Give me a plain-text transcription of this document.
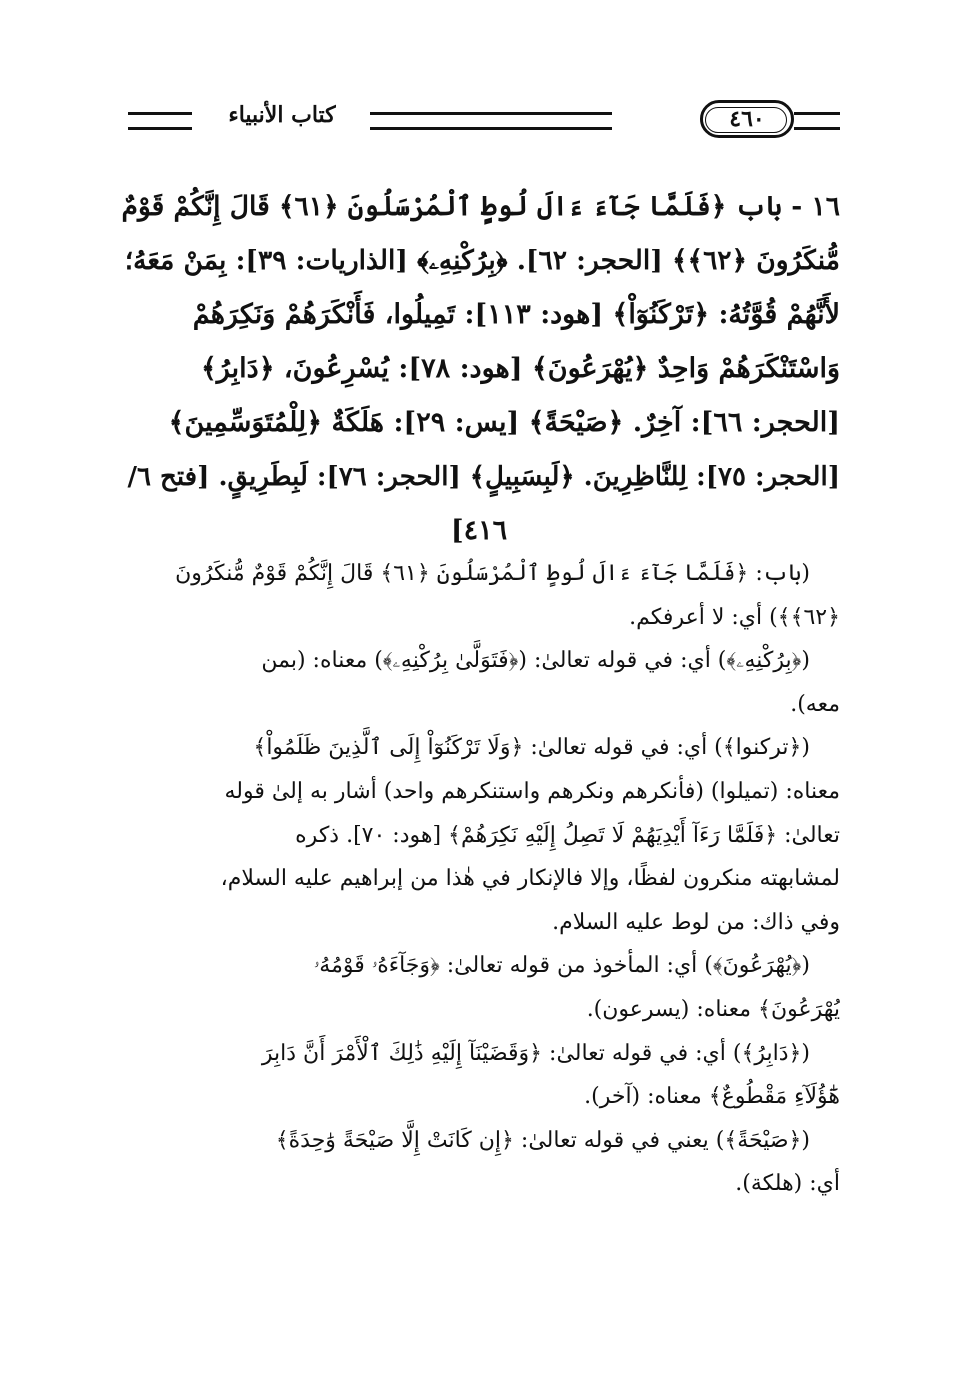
٤٦٠
كتاب الأنبياء
١٦ - باب ﴿فَلَمَّا جَآءَ ءَالَ لُوطٍ ٱلْمُرْسَلُونَ ﴿٦١﴾ قَالَ إِنَّكُمْ قَوْمٌ
مُّنكَرُونَ ﴿٦٢﴾﴾ [الحجر: ٦٢]. ﴿بِرُكْنِهِۦ﴾ [الذاريات: ٣٩]: بِمَنْ مَعَهُ؛
لأَنَّهُمْ قُوَّتُهُ: ﴿تَرْكَنُوٓاْ﴾ [هود: ١١٣]: تَمِيلُوا، فَأَنْكَرَهُمْ وَنَكِرَهُمْ
وَاسْتَنْكَرَهُمْ وَاحِدٌ ﴿يُهْرَعُونَ﴾ [هود: ٧٨]: يُسْرِعُونَ، ﴿دَابِرُ﴾
[الحجر: ٦٦]: آخِرٌ. ﴿صَيْحَةً﴾ [يس: ٢٩]: هَلَكَةٌ ﴿لِلْمُتَوَسِّمِينَ﴾
[الحجر: ٧٥]: لِلنَّاظِرِينَ. ﴿لَبِسَبِيلٍ﴾ [الحجر: ٧٦]: لَبِطَرِيقٍ. [فتح ٦/
٤١٦]
(باب: ﴿فَلَمَّا جَآءَ ءَالَ لُوطٍ ٱلْمُرْسَلُونَ ﴿٦١﴾ قَالَ إِنَّكُمْ قَوْمٌ مُّنكَرُونَ
﴿٦٢﴾﴾) أي: لا أعرفكم.
(﴿بِرُكْنِهِۦ﴾) أي: في قوله تعالىٰ: (﴿فَتَوَلَّىٰ بِرُكْنِهِۦ﴾) معناه: (بمن
معه).
(﴿تركنوا﴾) أي: في قوله تعالىٰ: ﴿وَلَا تَرْكَنُوٓاْ إِلَى ٱلَّذِينَ ظَلَمُواْ﴾
معناه: (تميلوا) (فأنكرهم ونكرهم واستنكرهم واحد) أشار به إلىٰ قوله
تعالىٰ: ﴿فَلَمَّا رَءَآ أَيْدِيَهُمْ لَا تَصِلُ إِلَيْهِ نَكِرَهُمْ﴾ [هود: ٧٠]. ذكره
لمشابهته منكرون لفظًا، وإلا فالإنكار في هٰذا من إبراهيم عليه السلام،
وفي ذاك: من لوط عليه السلام.
(﴿يُهْرَعُونَ﴾) أي: المأخوذ من قوله تعالىٰ: ﴿وَجَآءَهُۥ قَوْمُهُۥ
يُهْرَعُونَ﴾ معناه: (يسرعون).
(﴿دَابِرُ﴾) أي: في قوله تعالىٰ: ﴿وَقَضَيْنَآ إِلَيْهِ ذَٰلِكَ ٱلْأَمْرَ أَنَّ دَابِرَ
هَٰٓؤُلَآءِ مَقْطُوعٌ﴾ معناه: (آخر).
(﴿صَيْحَةً﴾) يعني في قوله تعالىٰ: ﴿إِن كَانَتْ إِلَّا صَيْحَةً وَٰحِدَةً﴾
أي: (هلكة).
